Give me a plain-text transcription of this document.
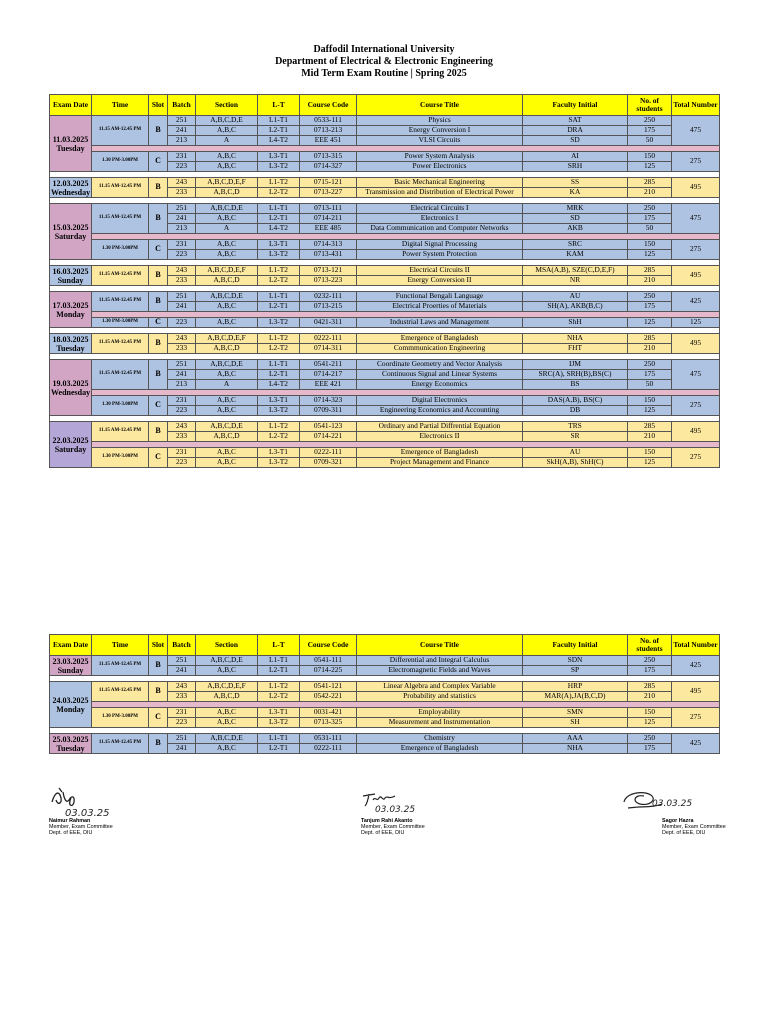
Daffodil International University
Department of Electrical & Electronic Engineering
Mid Term Exam Routine | Spring 2025
Exam Date	Time	Slot	Batch	Section	L-T	Course Code	Course Title	Faculty Initial	No. of students	Total Number

11.03.2025
Tuesday	11.15 AM-12.45 PM	B	251	A,B,C,D,E	L1-T1	0533-111	Physics	SAT	250	475
			241	A,B,C	L2-T1	0713-213	Energy Conversion I	DRA	175	
			213	A	L4-T2	EEE 451	VLSI Circuits	SD	50	

	1.30 PM-3.00PM	C	231	A,B,C	L3-T1	0713-315	Power System Analysis	AI	150	275
			223	A,B,C	L3-T2	0714-327	Power Electronics	SRH	125	

12.03.2025
Wednesday	11.15 AM-12.45 PM	B	243	A,B,C,D,E,F	L1-T2	0715-121	Basic Mechanical Engineering	SS	285	495
			233	A,B,C,D	L2-T2	0713-227	Transmission and Distribution of Electrical Power	KA	210	

15.03.2025
Saturday	11.15 AM-12.45 PM	B	251	A,B,C,D,E	L1-T1	0713-111	Electrical Circuits I	MRK	250	475
			241	A,B,C	L2-T1	0714-211	Electronics I	SD	175	
			213	A	L4-T2	EEE 485	Data Communication and Computer Networks	AKB	50	

	1.30 PM-3.00PM	C	231	A,B,C	L3-T1	0714-313	Digital Signal Processing	SRC	150	275
			223	A,B,C	L3-T2	0713-431	Power System Protection	KAM	125	

16.03.2025
Sunday	11.15 AM-12.45 PM	B	243	A,B,C,D,E,F	L1-T2	0713-121	Electrical Circuits II	MSA(A,B), SZE(C,D,E,F)	285	495
			233	A,B,C,D	L2-T2	0713-223	Energy Conversion II	NR	210	

17.03.2025
Monday	11.15 AM-12.45 PM	B	251	A,B,C,D,E	L1-T1	0232-111	Functional Bengali Language	AU	250	425
			241	A,B,C	L2-T1	0713-215	Electrical Proerties of Materials	SH(A), AKB(B,C)	175	

	1.30 PM-3.00PM	C	223	A,B,C	L3-T2	0421-311	Industrial Laws and Management	ShH	125	125

18.03.2025
Tuesday	11.15 AM-12.45 PM	B	243	A,B,C,D,E,F	L1-T2	0222-111	Emergence of Bangladesh	NHA	285	495
			233	A,B,C,D	L2-T2	0714-311	Commmunication Engineering	FHT	210	

19.03.2025
Wednesday	11.15 AM-12.45 PM	B	251	A,B,C,D,E	L1-T1	0541-211	Coordinate Geometry and Vector Analysis	IJM	250	475
			241	A,B,C	L2-T1	0714-217	Continuous Signal and Linear Systems	SRC(A), SRH(B),BS(C)	175	
			213	A	L4-T2	EEE 421	Energy Economics	BS	50	

	1.30 PM-3.00PM	C	231	A,B,C	L3-T1	0714-323	Digital Electronics	DAS(A,B), BS(C)	150	275
			223	A,B,C	L3-T2	0709-311	Engineering Economics and Accounting	DB	125	

22.03.2025
Saturday	11.15 AM-12.45 PM	B	243	A,B,C,D,E	L1-T2	0541-123	Ordinary and Partial Diffrential Equation	TRS	285	495
			233	A,B,C,D	L2-T2	0714-221	Electronics II	SR	210	

	1.30 PM-3.00PM	C	231	A,B,C	L3-T1	0222-111	Emergence of Bangladesh	AU	150	275
			223	A,B,C	L3-T2	0709-321	Project Management and Finance	SkH(A,B), ShH(C)	125	
Exam Date	Time	Slot	Batch	Section	L-T	Course Code	Course Title	Faculty Initial	No. of students	Total Number

23.03.2025
Sunday	11.15 AM-12.45 PM	B	251	A,B,C,D,E	L1-T1	0541-111	Differential and Integral Calculus	SDN	250	425
			241	A,B,C	L2-T1	0714-225	Electromagnetic Fields and Waves	SP	175	

24.03.2025
Monday	11.15 AM-12.45 PM	B	243	A,B,C,D,E,F	L1-T2	0541-121	Linear Algebra and Complex Variable	HRP	285	495
			233	A,B,C,D	L2-T2	0542-221	Probability and statistics	MAR(A),JA(B,C,D)	210	

	1.30 PM-3.00PM	C	231	A,B,C	L3-T1	0031-421	Employability	SMN	150	275
			223	A,B,C	L3-T2	0713-325	Measurement and Instrumentation	SH	125	

25.03.2025
Tuesday	11.15 AM-12.45 PM	B	251	A,B,C,D,E	L1-T1	0531-111	Chemistry	AAA	250	425
			241	A,B,C	L2-T1	0222-111	Emergence of Bangladesh	NHA	175	
03.03.25
Naimur Rahman
Member, Exam Committee
Dept. of EEE, DIU
03.03.25
Tanjum Rahi Akanto
Member, Exam Committee
Dept. of EEE, DIU
03.03.25
Sagor Hazra
Member, Exam Committee
Dept. of EEE, DIU
